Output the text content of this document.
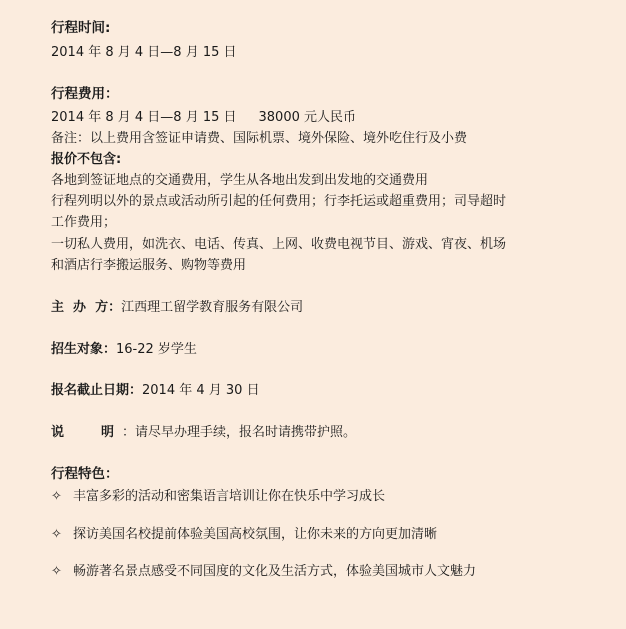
行程时间:
2014 年 8 月 4 日—8 月 15 日
行程费用：
2014 年 8 月 4 日—8 月 15 日 38000 元人民币
备注：以上费用含签证申请费、国际机票、境外保险、境外吃住行及小费
报价不包含:
各地到签证地点的交通费用，学生从各地出发到出发地的交通费用
行程列明以外的景点或活动所引起的任何费用；行李托运或超重费用；司导超时
工作费用；
一切私人费用，如洗衣、电话、传真、上网、收费电视节目、游戏、宵夜、机场
和酒店行李搬运服务、购物等费用
主  办  方：江西理工留学教育服务有限公司
招生对象：16-22 岁学生
报名截止日期：2014 年 4 月 30 日
说	明 ：请尽早办理手续，报名时请携带护照。
行程特色：
✧ 丰富多彩的活动和密集语言培训让你在快乐中学习成长
✧ 探访美国名校提前体验美国高校氛围，让你未来的方向更加清晰
✧ 畅游著名景点感受不同国度的文化及生活方式，体验美国城市人文魅力
